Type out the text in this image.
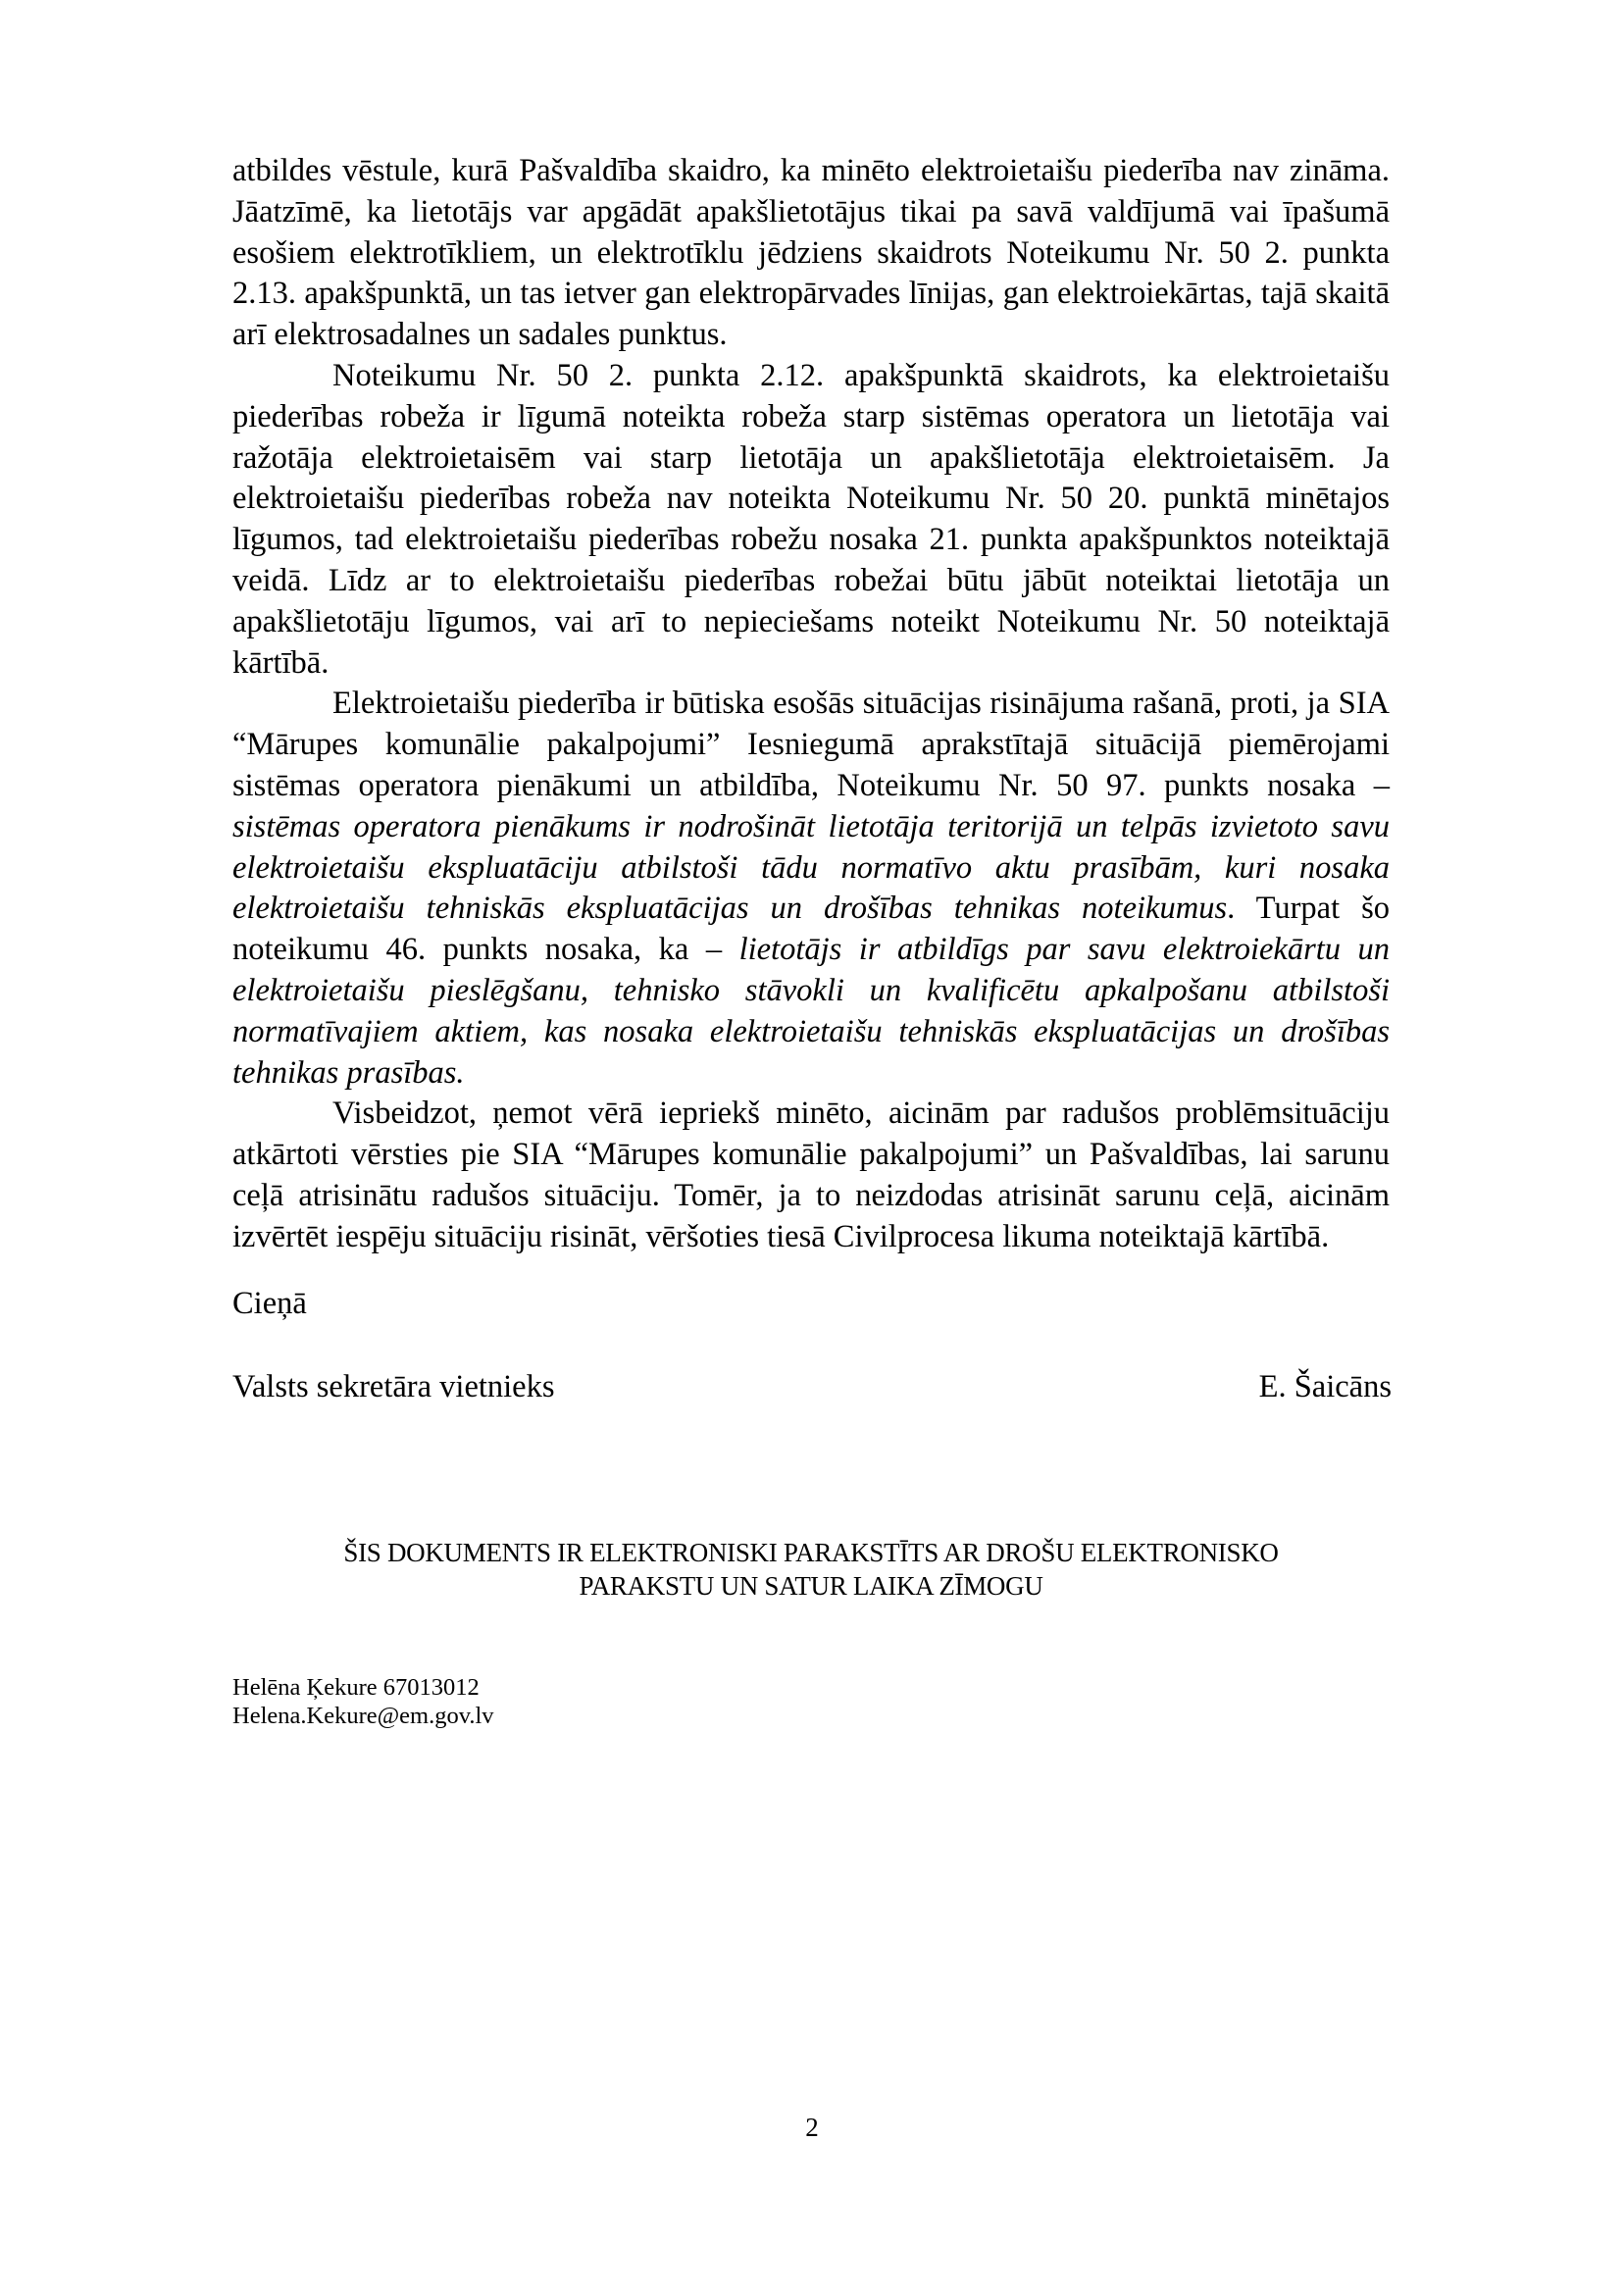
atbildes vēstule, kurā Pašvaldība skaidro, ka minēto elektroietaišu piederība nav zināma. Jāatzīmē, ka lietotājs var apgādāt apakšlietotājus tikai pa savā valdījumā vai īpašumā esošiem elektrotīkliem, un elektrotīklu jēdziens skaidrots Noteikumu Nr. 50 2. punkta 2.13. apakšpunktā, un tas ietver gan elektropārvades līnijas, gan elektroiekārtas, tajā skaitā arī elektrosadalnes un sadales punktus.

Noteikumu Nr. 50 2. punkta 2.12. apakšpunktā skaidrots, ka elektroietaišu piederības robeža ir līgumā noteikta robeža starp sistēmas operatora un lietotāja vai ražotāja elektroietaisēm vai starp lietotāja un apakšlietotāja elektroietaisēm. Ja elektroietaišu piederības robeža nav noteikta Noteikumu Nr. 50 20. punktā minētajos līgumos, tad elektroietaišu piederības robežu nosaka 21. punkta apakšpunktos noteiktajā veidā. Līdz ar to elektroietaišu piederības robežai būtu jābūt noteiktai lietotāja un apakšlietotāju līgumos, vai arī to nepieciešams noteikt Noteikumu Nr. 50 noteiktajā kārtībā.

Elektroietaišu piederība ir būtiska esošās situācijas risinājuma rašanā, proti, ja SIA “Mārupes komunālie pakalpojumi” Iesniegumā aprakstītajā situācijā piemērojami sistēmas operatora pienākumi un atbildība, Noteikumu Nr. 50 97. punkts nosaka – sistēmas operatora pienākums ir nodrošināt lietotāja teritorijā un telpās izvietoto savu elektroietaišu ekspluatāciju atbilstoši tādu normatīvo aktu prasībām, kuri nosaka elektroietaišu tehniskās ekspluatācijas un drošības tehnikas noteikumus. Turpat šo noteikumu 46. punkts nosaka, ka – lietotājs ir atbildīgs par savu elektroiekārtu un elektroietaišu pieslēgšanu, tehnisko stāvokli un kvalificētu apkalpošanu atbilstoši normatīvajiem aktiem, kas nosaka elektroietaišu tehniskās ekspluatācijas un drošības tehnikas prasības.

Visbeidzot, ņemot vērā iepriekš minēto, aicinām par radušos problēmsituāciju atkārtoti vērsties pie SIA “Mārupes komunālie pakalpojumi” un Pašvaldības, lai sarunu ceļā atrisinātu radušos situāciju. Tomēr, ja to neizdodas atrisināt sarunu ceļā, aicinām izvērtēt iespēju situāciju risināt, vēršoties tiesā Civilprocesa likuma noteiktajā kārtībā.

Cieņā
Valsts sekretāra vietnieks	E. Šaicāns
ŠIS DOKUMENTS IR ELEKTRONISKI PARAKSTĪTS AR DROŠU ELEKTRONISKO
PARAKSTU UN SATUR LAIKA ZĪMOGU
Helēna Ķekure 67013012
Helena.Kekure@em.gov.lv
2
